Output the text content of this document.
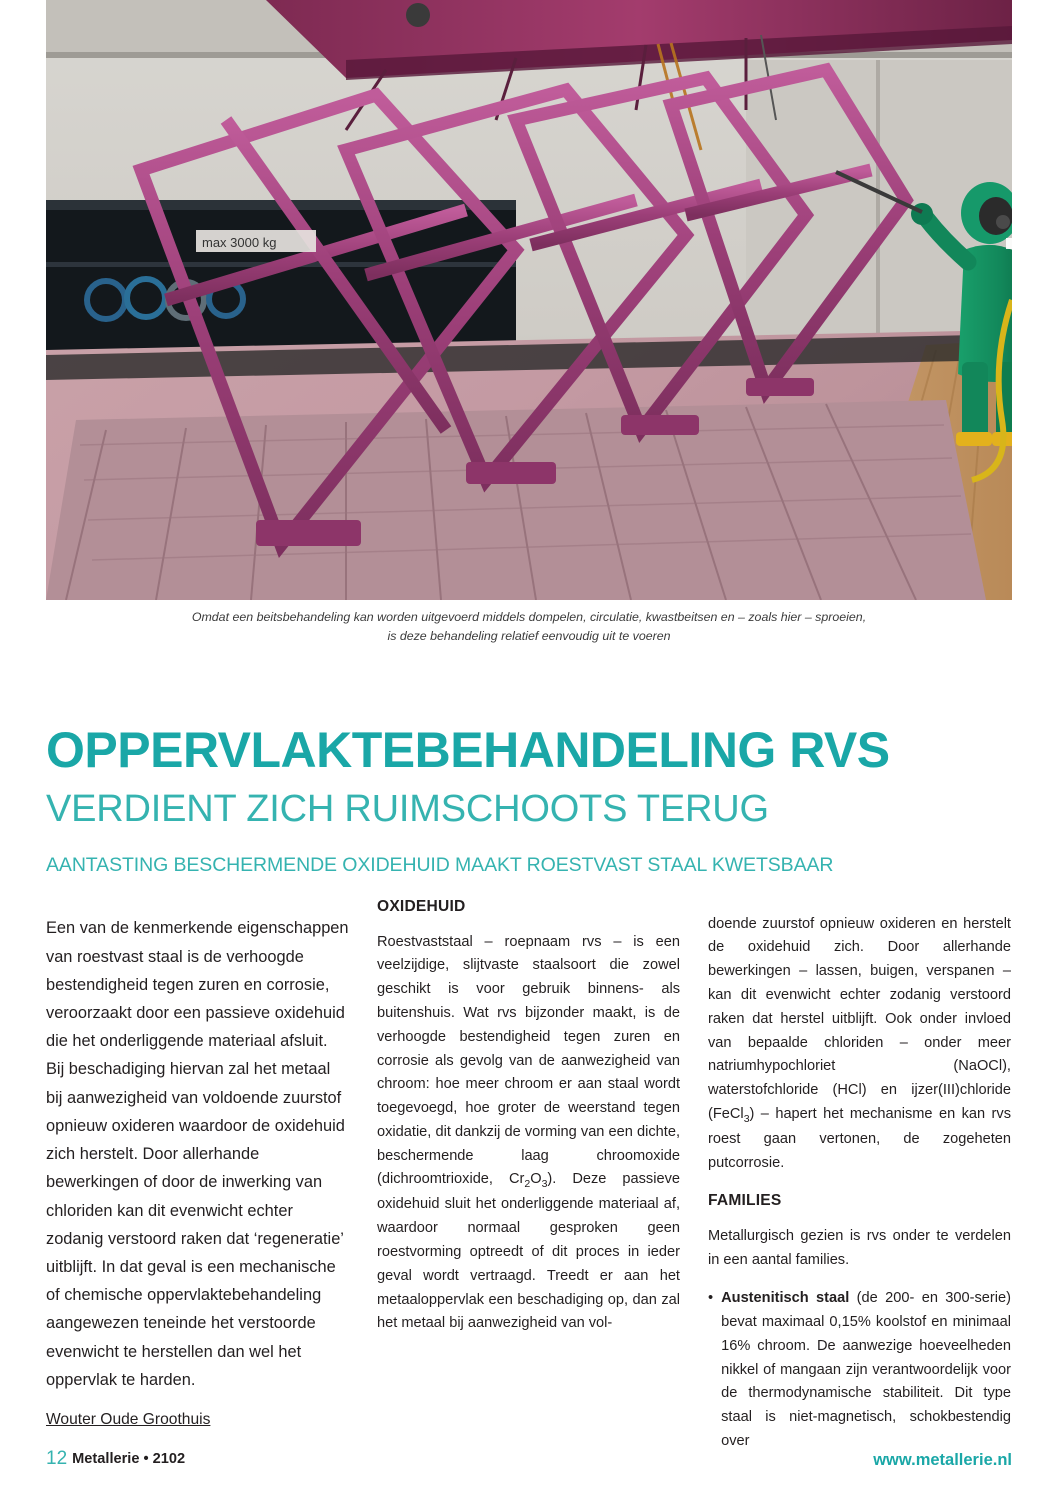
max 3000 kg
Omdat een beitsbehandeling kan worden uitgevoerd middels dompelen, circulatie, kwastbeitsen en – zoals hier – sproeien,
is deze behandeling relatief eenvoudig uit te voeren
OPPERVLAKTEBEHANDELING RVS
VERDIENT ZICH RUIMSCHOOTS TERUG
AANTASTING BESCHERMENDE OXIDEHUID MAAKT ROESTVAST STAAL KWETSBAAR

Een van de kenmerkende eigenschappen van roestvast staal is de verhoogde bestendigheid tegen zuren en corrosie, veroorzaakt door een passieve oxidehuid die het onderliggende materiaal afsluit. Bij beschadiging hiervan zal het metaal bij aanwezigheid van voldoende zuurstof opnieuw oxideren waardoor de oxidehuid zich herstelt. Door allerhande bewerkingen of door de inwerking van chloriden kan dit evenwicht echter zodanig verstoord raken dat ‘regeneratie’ uitblijft. In dat geval is een mechanische of chemische oppervlaktebehandeling aangewezen teneinde het verstoorde evenwicht te herstellen dan wel het oppervlak te harden.

Wouter Oude Groothuis

OXIDEHUID

Roestvaststaal – roepnaam rvs – is een veelzijdige, slijtvaste staalsoort die zowel geschikt is voor gebruik binnens- als buitenshuis. Wat rvs bijzonder maakt, is de verhoogde bestendigheid tegen zuren en corrosie als gevolg van de aanwezigheid van chroom: hoe meer chroom er aan staal wordt toegevoegd, hoe groter de weerstand tegen oxidatie, dit dankzij de vorming van een dichte, beschermende laag chroomoxide (dichroomtrioxide, $Cr_2O_3$). Deze passieve oxidehuid sluit het onderliggende materiaal af, waardoor normaal gesproken geen roestvorming optreedt of dit proces in ieder geval wordt vertraagd. Treedt er aan het metaaloppervlak een beschadiging op, dan zal het metaal bij aanwezigheid van vol-

doende zuurstof opnieuw oxideren en herstelt de oxidehuid zich. Door allerhande bewerkingen – lassen, buigen, verspanen – kan dit evenwicht echter zodanig verstoord raken dat herstel uitblijft. Ook onder invloed van bepaalde chloriden – onder meer natriumhypochloriet (NaOCl), waterstofchloride (HCl) en ijzer(III)chloride (FeCl$_3$) – hapert het mechanisme en kan rvs roest gaan vertonen, de zogeheten putcorrosie.

FAMILIES

Metallurgisch gezien is rvs onder te verdelen in een aantal families.

• Austenitisch staal (de 200- en 300-serie) bevat maximaal 0,15% koolstof en minimaal 16% chroom. De aanwezige hoeveelheden nikkel of mangaan zijn verantwoordelijk voor de thermodynamische stabiliteit. Dit type staal is niet-magnetisch, schokbestendig over
12 Metallerie • 2102	www.metallerie.nl
